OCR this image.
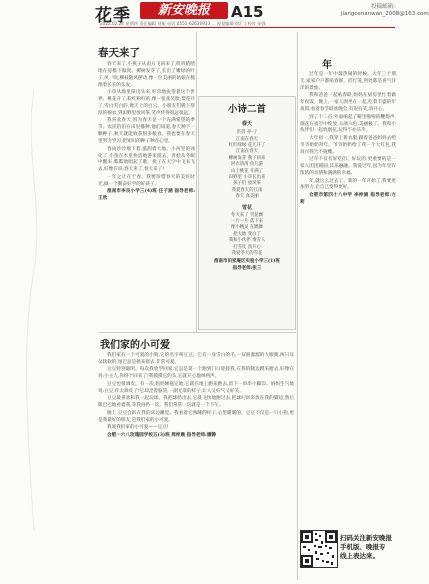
花季	新安晚报	A15	投稿邮箱:
jiangcenanwan_2008@163.com
2022.02.24 星期四 责任编辑 刘旭 电话:0551-62630933 ... 视觉编辑 徐汇 | 校对 宋强
春天来了

春天来了,小燕子从南方飞回来了,叽叽喳喳地在房檐下做窝。柳树发芽了,长出了嫩绿的叶子,风一吹,柳枝随风摆动,像一位美丽的姑娘在梳理着长长的头发。

小草从地里探出头来,好奇地张望着这个世界。桃花开了,粉红粉红的,像一张张笑脸;梨花开了,雪白雪白的,像天上的白云。小朋友们脱下厚厚的棉衣,到田野里放风筝,笑声传得很远很远。

我喜欢春天,因为春天是一个充满希望的季节。农民伯伯在田里播种,他们知道,春天种下一颗种子,秋天就能收获很多粮食。我也要在春天里努力学习,把知识的种子种在心里。

春雨沙沙地下着,滋润着大地。小河里的冰化了,小鱼在水里快活地游来游去。青蛙从冬眠中醒来,呱呱地唱起了歌。燕子在天空中飞来飞去,好像在说:春天来了,春天来了!

一年之计在于春。我要珍惜春天的美好时光,做一个勤奋好学的好孩子。

淮南市李良小学三(4)班 任子涵 指导老师:王欣

小诗二首
春天
洪蓓 孙 子
江南在春天
红红绿绿 花儿开了
江南在春天
柳树发芽 燕子回来
河水清清 鱼儿游
山上桃花 开满了
田野里 小草长出来
孩子们 放风筝
我爱春天的江南
春天 真美丽
雪花
冬天来了 雪花飘
一片一片 落下来
像小精灵 在跳舞
把大地 变白了
我和小伙伴 堆雪人
打雪仗 真开心
我爱冬天的雪花
淮南市田家庵区实验小学三(1)班
指导老师:张三
我们家的小可爱

我们家有一个可爱的小狗,它的名字叫豆豆。它有一身雪白的毛,一双圆溜溜的大眼睛,两只耳朵软软的,尾巴总是摇来摇去,非常可爱。

豆豆特别聪明。每次我放学回家,它总是第一个跑到门口迎接我,在我的腿边蹭来蹭去,好像在说:小主人,你终于回来了!我摸摸它的头,它就开心地叫两声。

豆豆也很调皮。有一次,妈妈刚拖完地,它就在地上跑来跑去,留下一串串小脚印。妈妈生气地说:豆豆,你太调皮了!它却歪着脑袋,一副无辜的样子,让人又好气又好笑。

豆豆最喜欢和我一起玩球。我把球扔出去,它就飞快地跑过去,把球叼回来放在我的脚边,然后眼巴巴地看着我,等我再扔一次。我们常常一玩就是一个下午。

晚上,豆豆会趴在我的床边睡觉。我看着它熟睡的样子,心里暖暖的。豆豆不仅是一只小狗,更是我最好的朋友,是我们家的小可爱。

我爱我们家的小可爱——豆豆!

合肥一六八玫瑰园学校五(3)班 周梓晨 指导老师:潘静

年

过年是一年中最热闹的时候。大年三十那天,家家户户都贴春联、挂灯笼,到处都是喜气洋洋的景象。

我和爸爸一起贴春联,妈妈在厨房里忙着做年夜饭。晚上,一家人围坐在一起,吃着丰盛的年夜饭,看着春节联欢晚会,有说有笑,真开心。

到了十二点,外面响起了噼里啪啦的鞭炮声,烟花在夜空中绽放,五颜六色,美丽极了。我和小伙伴们一起放烟花,玩得不亦乐乎。

大年初一,我穿上新衣服,跟着爸爸妈妈去给爷爷奶奶拜年。爷爷奶奶给了我一个大红包,我高兴得合不拢嘴。

过年不仅有好吃的、好玩的,更重要的是一家人团团圆圆,其乐融融。我爱过年,因为年里有浓浓的亲情和满满的幸福。

年,就这么过去了。新的一年开始了,我要更加努力,让自己变得更好。

合肥市第四十八中学 李梓涵 指导老师:方莉

扫码关注新安晚报
手机版、晚报专
线上表达来。
